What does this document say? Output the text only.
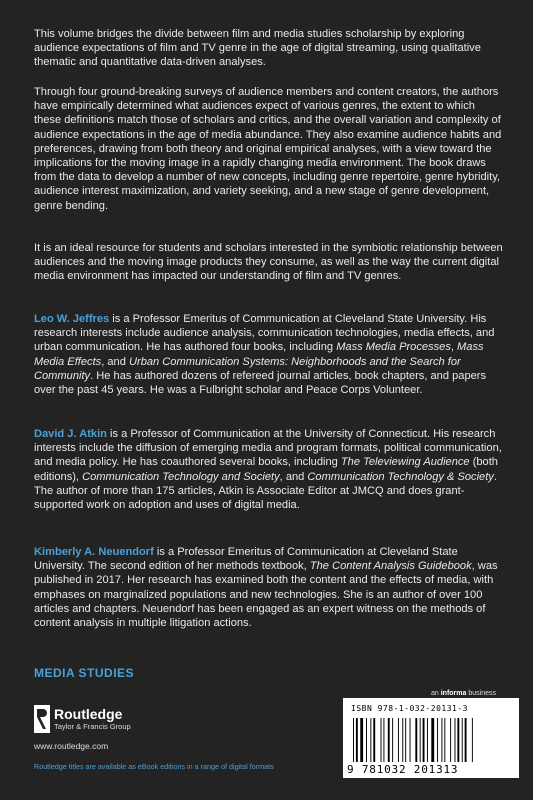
This volume bridges the divide between film and media studies scholarship by exploring audience expectations of film and TV genre in the age of digital streaming, using qualitative thematic and quantitative data-driven analyses.

Through four ground-breaking surveys of audience members and content creators, the authors have empirically determined what audiences expect of various genres, the extent to which these definitions match those of scholars and critics, and the overall variation and complexity of audience expectations in the age of media abundance. They also examine audience habits and preferences, drawing from both theory and original empirical analyses, with a view toward the implications for the moving image in a rapidly changing media environment. The book draws from the data to develop a number of new concepts, including genre repertoire, genre hybridity, audience interest maximization, and variety seeking, and a new stage of genre development, genre bending.

It is an ideal resource for students and scholars interested in the symbiotic relationship between audiences and the moving image products they consume, as well as the way the current digital media environment has impacted our understanding of film and TV genres.

Leo W. Jeffres is a Professor Emeritus of Communication at Cleveland State University. His research interests include audience analysis, communication technologies, media effects, and urban communication. He has authored four books, including Mass Media Processes, Mass Media Effects, and Urban Communication Systems: Neighborhoods and the Search for Community. He has authored dozens of refereed journal articles, book chapters, and papers over the past 45 years. He was a Fulbright scholar and Peace Corps Volunteer.

David J. Atkin is a Professor of Communication at the University of Connecticut. His research interests include the diffusion of emerging media and program formats, political communication, and media policy. He has coauthored several books, including The Televiewing Audience (both editions), Communication Technology and Society, and Communication Technology & Society. The author of more than 175 articles, Atkin is Associate Editor at JMCQ and does grant-supported work on adoption and uses of digital media.

Kimberly A. Neuendorf is a Professor Emeritus of Communication at Cleveland State University. The second edition of her methods textbook, The Content Analysis Guidebook, was published in 2017. Her research has examined both the content and the effects of media, with emphases on marginalized populations and new technologies. She is an author of over 100 articles and chapters. Neuendorf has been engaged as an expert witness on the methods of content analysis in multiple litigation actions.

MEDIA STUDIES
Routledge
Taylor & Francis Group
www.routledge.com
Routledge titles are available as eBook editions in a range of digital formats
an informa business
ISBN 978-1-032-20131-3
9 781032 201313
